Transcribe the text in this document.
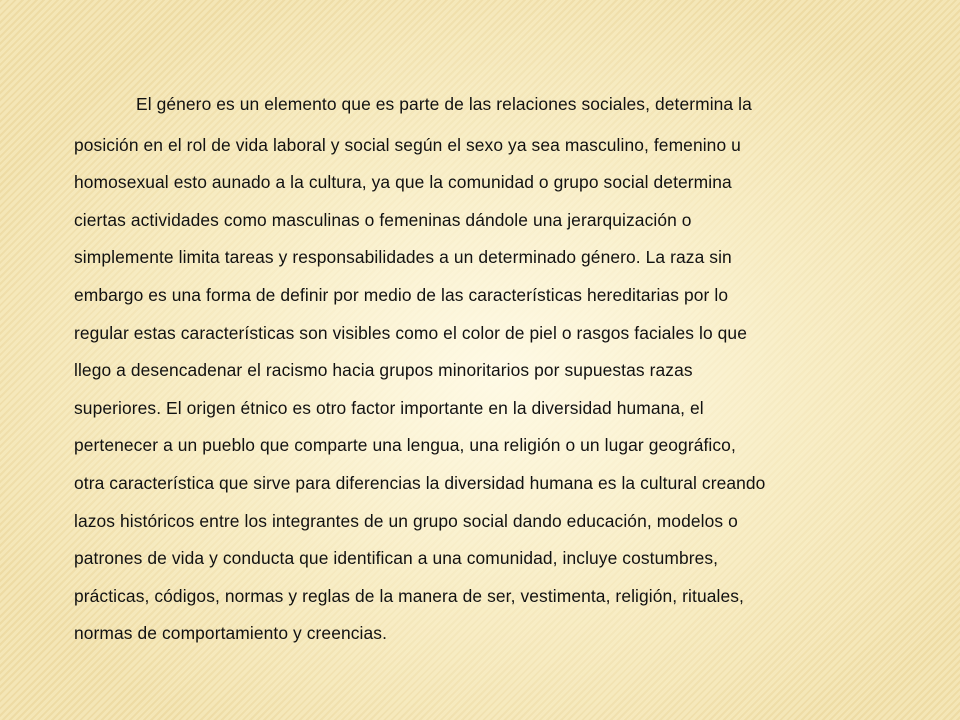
El género es un elemento que es parte de las relaciones sociales, determina la
posición en el rol de vida laboral y social según el sexo ya sea masculino, femenino u
homosexual esto aunado a la cultura, ya que la comunidad o grupo social determina
ciertas actividades como masculinas o femeninas dándole una jerarquización o
simplemente limita tareas y responsabilidades a un determinado género. La raza sin
embargo es una forma de definir por medio de las características hereditarias por lo
regular estas características son visibles como el color de piel o rasgos faciales lo que
llego a desencadenar el racismo hacia grupos minoritarios por supuestas razas
superiores. El origen étnico es otro factor importante en la diversidad humana, el
pertenecer a un pueblo que comparte una lengua, una religión o un lugar geográfico,
otra característica que sirve para diferencias la diversidad humana es la cultural creando
lazos históricos entre los integrantes de un grupo social dando educación, modelos o
patrones de vida y conducta que identifican a una comunidad, incluye costumbres,
prácticas, códigos, normas y reglas de la manera de ser, vestimenta, religión, rituales,
normas de comportamiento y creencias.
